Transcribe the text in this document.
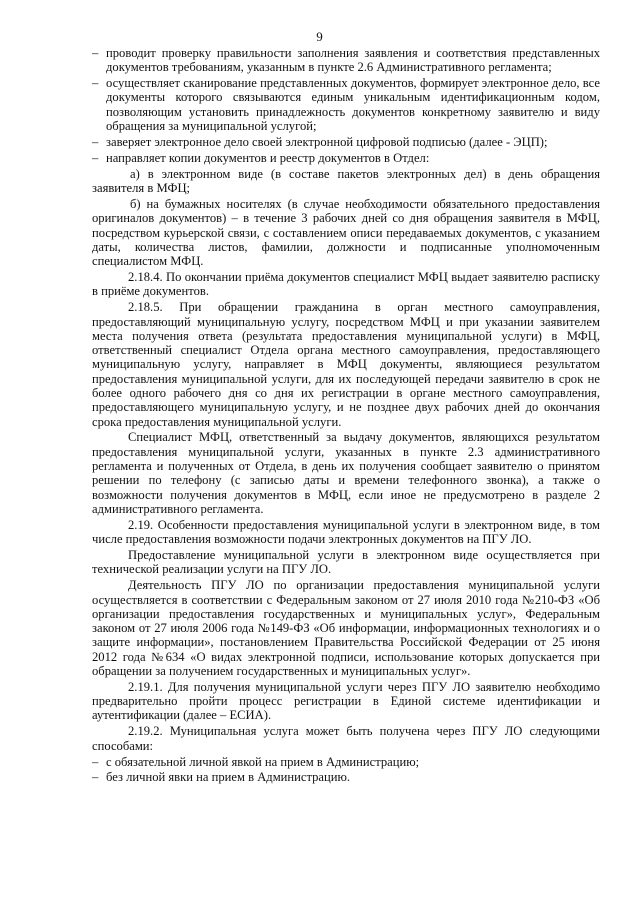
9
– проводит проверку правильности заполнения заявления и соответствия представленных документов требованиям, указанным в пункте 2.6 Административного регламента;
– осуществляет сканирование представленных документов, формирует электронное дело, все документы которого связываются единым уникальным идентификационным кодом, позволяющим установить принадлежность документов конкретному заявителю и виду обращения за муниципальной услугой;
– заверяет электронное дело своей электронной цифровой подписью (далее - ЭЦП);
– направляет копии документов и реестр документов в Отдел:

а) в электронном виде (в составе пакетов электронных дел) в день обращения заявителя в МФЦ;

б) на бумажных носителях (в случае необходимости обязательного предоставления оригиналов документов) – в течение 3 рабочих дней со дня обращения заявителя в МФЦ, посредством курьерской связи, с составлением описи передаваемых документов, с указанием даты, количества листов, фамилии, должности и подписанные уполномоченным специалистом МФЦ.

2.18.4. По окончании приёма документов специалист МФЦ выдает заявителю расписку в приёме документов.

2.18.5. При обращении гражданина в орган местного самоуправления, предоставляющий муниципальную услугу, посредством МФЦ и при указании заявителем места получения ответа (результата предоставления муниципальной услуги) в МФЦ, ответственный специалист Отдела органа местного самоуправления, предоставляющего муниципальную услугу, направляет в МФЦ документы, являющиеся результатом предоставления муниципальной услуги, для их последующей передачи заявителю в срок не более одного рабочего дня со дня их регистрации в органе местного самоуправления, предоставляющего муниципальную услугу, и не позднее двух рабочих дней до окончания срока предоставления муниципальной услуги.

Специалист МФЦ, ответственный за выдачу документов, являющихся результатом предоставления муниципальной услуги, указанных в пункте 2.3 административного регламента и полученных от Отдела, в день их получения сообщает заявителю о принятом решении по телефону (с записью даты и времени телефонного звонка), а также о возможности получения документов в МФЦ, если иное не предусмотрено в разделе 2 административного регламента.

2.19. Особенности предоставления муниципальной услуги в электронном виде, в том числе предоставления возможности подачи электронных документов на ПГУ ЛО.

Предоставление муниципальной услуги в электронном виде осуществляется при технической реализации услуги на ПГУ ЛО.

Деятельность ПГУ ЛО по организации предоставления муниципальной услуги осуществляется в соответствии с Федеральным законом от 27 июля 2010 года №210-ФЗ «Об организации предоставления государственных и муниципальных услуг», Федеральным законом от 27 июля 2006 года №149-ФЗ «Об информации, информационных технологиях и о защите информации», постановлением Правительства Российской Федерации от 25 июня 2012 года №634 «О видах электронной подписи, использование которых допускается при обращении за получением государственных и муниципальных услуг».

2.19.1. Для получения муниципальной услуги через ПГУ ЛО заявителю необходимо предварительно пройти процесс регистрации в Единой системе идентификации и аутентификации (далее – ЕСИА).

2.19.2. Муниципальная услуга может быть получена через ПГУ ЛО следующими способами:

– с обязательной личной явкой на прием в Администрацию;
– без личной явки на прием в Администрацию.
